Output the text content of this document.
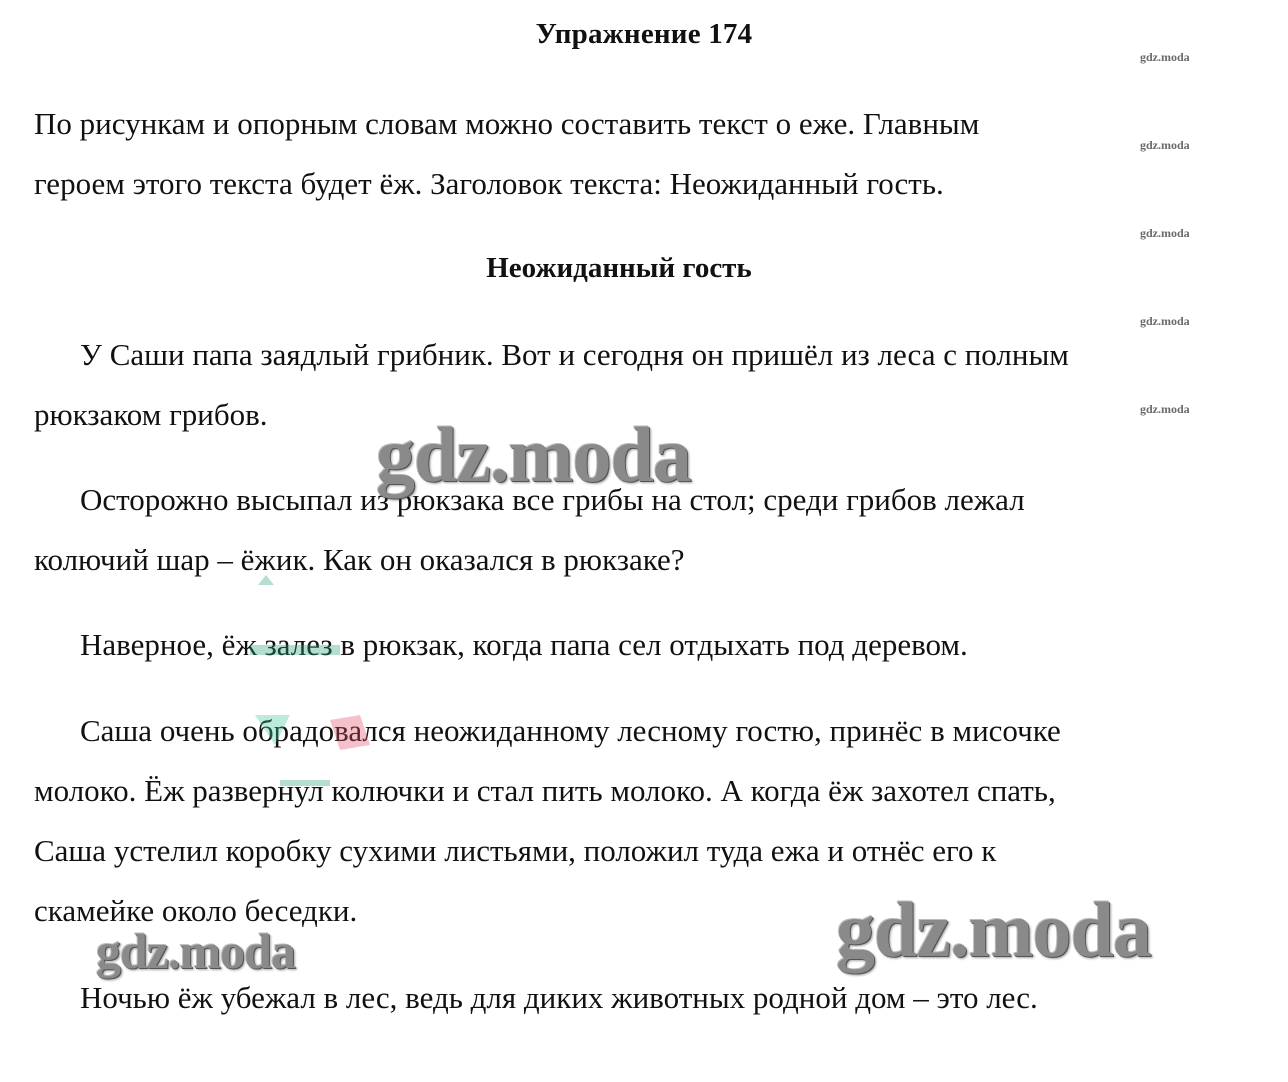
gdz.moda
gdz.moda
gdz.moda
gdz.moda
gdz.moda
Упражнение 174
По рисункам и опорным словам можно составить текст о еже. Главным
героем этого текста будет ёж. Заголовок текста: Неожиданный гость.
Неожиданный гость
У Саши папа заядлый грибник. Вот и сегодня он пришёл из леса с полным
рюкзаком грибов.
Осторожно высыпал из рюкзака все грибы на стол; среди грибов лежал
колючий шар – ёжик. Как он оказался в рюкзаке?
Наверное, ёж залез в рюкзак, когда папа сел отдыхать под деревом.
Саша очень обрадовался неожиданному лесному гостю, принёс в мисочке
молоко. Ёж развернул колючки и стал пить молоко. А когда ёж захотел спать,
Саша устелил коробку сухими листьями, положил туда ежа и отнёс его к
скамейке около беседки.
Ночью ёж убежал в лес, ведь для диких животных родной дом – это лес.
gdz.moda
gdz.moda
gdz.moda
